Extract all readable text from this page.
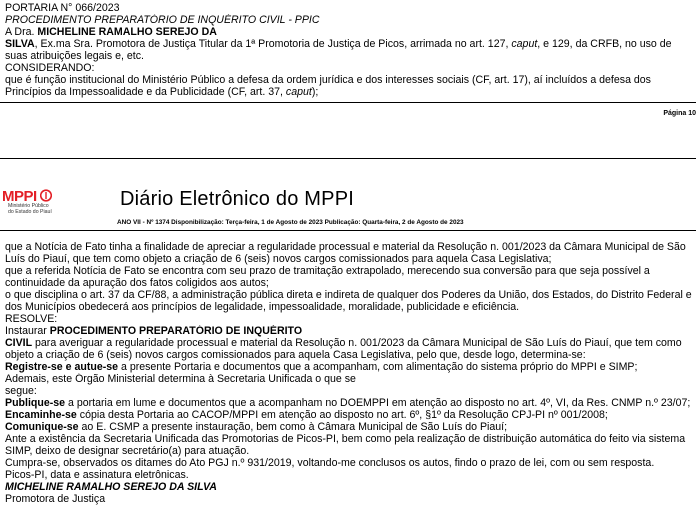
PORTARIA N° 066/2023
PROCEDIMENTO PREPARATÓRIO DE INQUÉRITO CIVIL - PPIC
A Dra. MICHELINE RAMALHO SEREJO DA
SILVA, Ex.ma Sra. Promotora de Justiça Titular da 1ª Promotoria de Justiça de Picos, arrimada no art. 127, caput, e 129, da CRFB, no uso de
suas atribuições legais e, etc.
CONSIDERANDO:
que é função institucional do Ministério Público a defesa da ordem jurídica e dos interesses sociais (CF, art. 17), aí incluídos a defesa dos
Princípios da Impessoalidade e da Publicidade (CF, art. 37, caput);
Página 10
MPPI
Ministério Público
do Estado do Piauí
Diário Eletrônico do MPPI
ANO VII - Nº 1374 Disponibilização: Terça-feira, 1 de Agosto de 2023 Publicação: Quarta-feira, 2 de Agosto de 2023
que a Notícia de Fato tinha a finalidade de apreciar a regularidade processual e material da Resolução n. 001/2023 da Câmara Municipal de São
Luís do Piauí, que tem como objeto a criação de 6 (seis) novos cargos comissionados para aquela Casa Legislativa;
que a referida Notícia de Fato se encontra com seu prazo de tramitação extrapolado, merecendo sua conversão para que seja possível a
continuidade da apuração dos fatos coligidos aos autos;
o que disciplina o art. 37 da CF/88, a administração pública direta e indireta de qualquer dos Poderes da União, dos Estados, do Distrito Federal e
dos Municípios obedecerá aos princípios de legalidade, impessoalidade, moralidade, publicidade e eficiência.
RESOLVE:
Instaurar PROCEDIMENTO PREPARATÓRIO DE INQUÉRITO
CIVIL para averiguar a regularidade processual e material da Resolução n. 001/2023 da Câmara Municipal de São Luís do Piauí, que tem como
objeto a criação de 6 (seis) novos cargos comissionados para aquela Casa Legislativa, pelo que, desde logo, determina-se:
Registre-se e autue-se a presente Portaria e documentos que a acompanham, com alimentação do sistema próprio do MPPI e SIMP;
Ademais, este Órgão Ministerial determina à Secretaria Unificada o que se
segue:
Publique-se a portaria em lume e documentos que a acompanham no DOEMPPI em atenção ao disposto no art. 4º, VI, da Res. CNMP n.º 23/07;
Encaminhe-se cópia desta Portaria ao CACOP/MPPI em atenção ao disposto no art. 6º, §1º da Resolução CPJ-PI nº 001/2008;
Comunique-se ao E. CSMP a presente instauração, bem como à Câmara Municipal de São Luís do Piauí;
Ante a existência da Secretaria Unificada das Promotorias de Picos-PI, bem como pela realização de distribuição automática do feito via sistema
SIMP, deixo de designar secretário(a) para atuação.
Cumpra-se, observados os ditames do Ato PGJ n.º 931/2019, voltando-me conclusos os autos, findo o prazo de lei, com ou sem resposta.
Picos-PI, data e assinatura eletrônicas.
MICHELINE RAMALHO SEREJO DA SILVA
Promotora de Justiça
